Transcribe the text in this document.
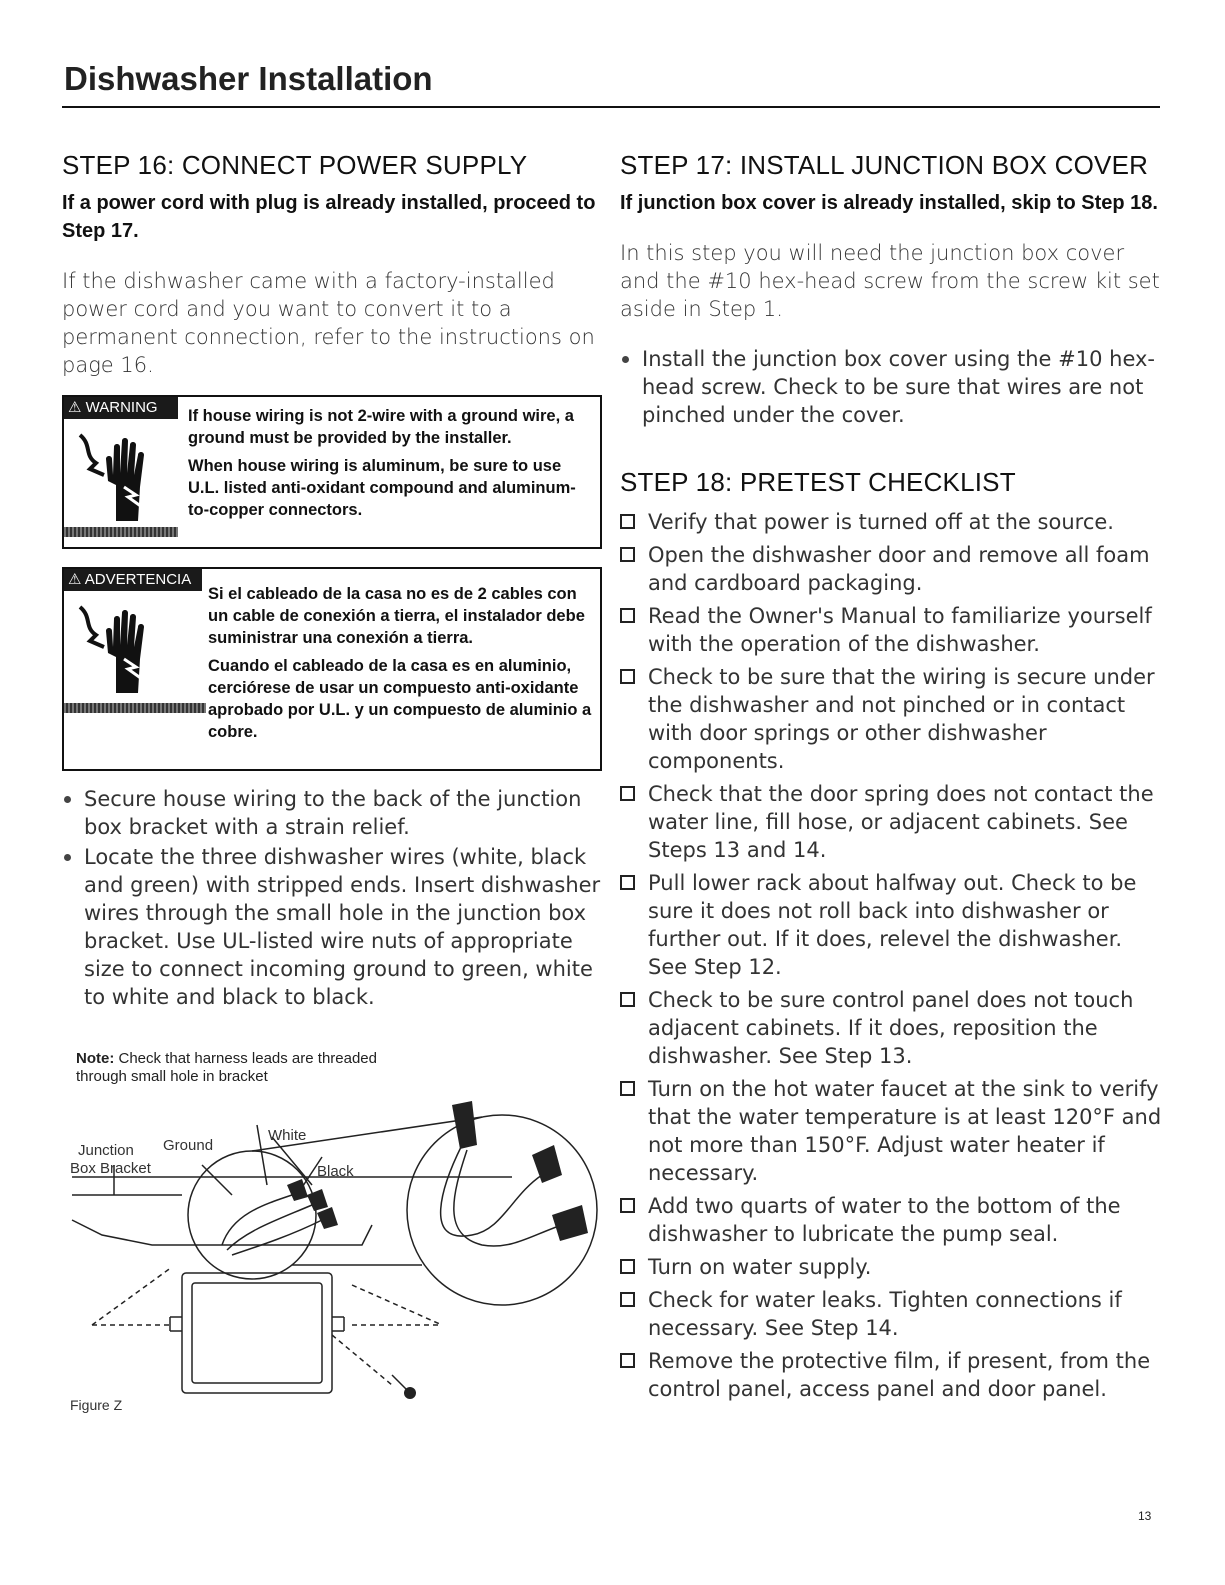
Dishwasher Installation
STEP 16: CONNECT POWER SUPPLY

If a power cord with plug is already installed, proceed to Step 17.

If the dishwasher came with a factory-installed power cord and you want to convert it to a permanent connection, refer to the instructions on page 16.

⚠ WARNING	If house wiring is not 2-wire with a ground wire, a ground must be provided by the installer.

When house wiring is aluminum, be sure to use U.L. listed anti-oxidant compound and aluminum-to-copper connectors.

⚠ ADVERTENCIA

Si el cableado de la casa no es de 2 cables con un cable de conexión a tierra, el instalador debe suministrar una conexión a tierra.

Cuando el cableado de la casa es en aluminio, cerciórese de usar un compuesto anti-oxidante aprobado por U.L. y un compuesto de aluminio a cobre.

Secure house wiring to the back of the junction box bracket with a strain relief.
Locate the three dishwasher wires (white, black and green) with stripped ends. Insert dishwasher wires through the small hole in the junction box bracket. Use UL-listed wire nuts of appropriate size to connect incoming ground to green, white to white and black to black.
Note: Check that harness leads are threaded through small hole in bracket
Junction
Box Bracket
Ground
White
Black
Figure Z
STEP 17: INSTALL JUNCTION BOX COVER

If junction box cover is already installed, skip to Step 18.

In this step you will need the junction box cover and the #10 hex-head screw from the screw kit set aside in Step 1.

Install the junction box cover using the #10 hex-head screw. Check to be sure that wires are not pinched under the cover.
STEP 18: PRETEST CHECKLIST
Verify that power is turned off at the source.
Open the dishwasher door and remove all foam and cardboard packaging.
Read the Owner's Manual to familiarize yourself with the operation of the dishwasher.
Check to be sure that the wiring is secure under the dishwasher and not pinched or in contact with door springs or other dishwasher components.
Check that the door spring does not contact the water line, fill hose, or adjacent cabinets. See Steps 13 and 14.
Pull lower rack about halfway out. Check to be sure it does not roll back into dishwasher or further out. If it does, relevel the dishwasher. See Step 12.
Check to be sure control panel does not touch adjacent cabinets. If it does, reposition the dishwasher. See Step 13.
Turn on the hot water faucet at the sink to verify that the water temperature is at least 120°F and not more than 150°F. Adjust water heater if necessary.
Add two quarts of water to the bottom of the dishwasher to lubricate the pump seal.
Turn on water supply.
Check for water leaks. Tighten connections if necessary. See Step 14.
Remove the protective film, if present, from the control panel, access panel and door panel.
13
